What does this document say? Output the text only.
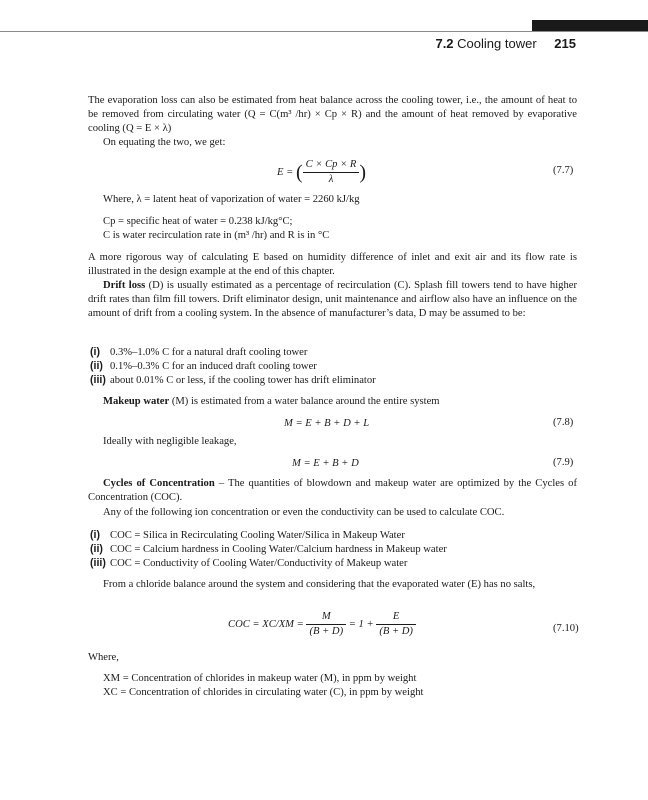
7.2 Cooling tower 215
The evaporation loss can also be estimated from heat balance across the cooling tower, i.e., the amount of heat to be removed from circulating water (Q = C(m³ /hr) × Cp × R) and the amount of heat removed by evaporative cooling (Q = E × λ)
On equating the two, we get:
E = ( $\frac{C \times Cp \times R}{\lambda}$ )	(7.7)
Where, λ = latent heat of vaporization of water = 2260 kJ/kg
Cp = specific heat of water = 0.238 kJ/kg°C;
C is water recirculation rate in (m³ /hr) and R is in °C
A more rigorous way of calculating E based on humidity difference of inlet and exit air and its flow rate is illustrated in the design example at the end of this chapter.
Drift loss (D) is usually estimated as a percentage of recirculation (C). Splash fill towers tend to have higher drift rates than film fill towers. Drift eliminator design, unit maintenance and airflow also have an influence on the amount of drift from a cooling system. In the absence of manufacturer’s data, D may be assumed to be:
(i) 0.3%–1.0% C for a natural draft cooling tower
(ii) 0.1%–0.3% C for an induced draft cooling tower
(iii) about 0.01% C or less, if the cooling tower has drift eliminator
Makeup water (M) is estimated from a water balance around the entire system
M = E + B + D + L	(7.8)
Ideally with negligible leakage,
M = E + B + D	(7.9)
Cycles of Concentration – The quantities of blowdown and makeup water are optimized by the Cycles of Concentration (COC).
Any of the following ion concentration or even the conductivity can be used to calculate COC.
(i) COC = Silica in Recirculating Cooling Water/Silica in Makeup Water
(ii) COC = Calcium hardness in Cooling Water/Calcium hardness in Makeup water
(iii) COC = Conductivity of Cooling Water/Conductivity of Makeup water
From a chloride balance around the system and considering that the evaporated water (E) has no salts,
COC = $XC/XM = \frac{M}{(B + D)} = 1 + \frac{E}{(B + D)}$	(7.10)
Where,
XM = Concentration of chlorides in makeup water (M), in ppm by weight
XC = Concentration of chlorides in circulating water (C), in ppm by weight
